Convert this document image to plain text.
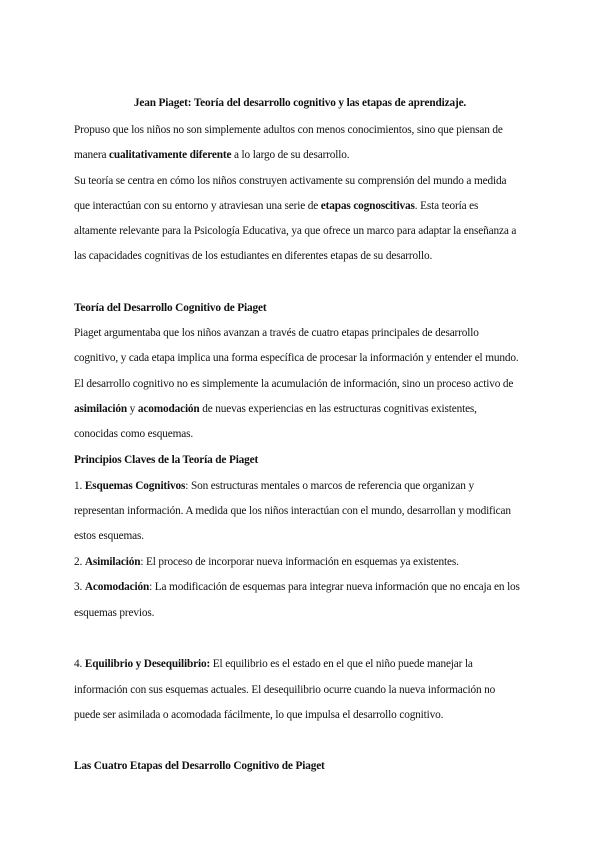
Jean Piaget: Teoría del desarrollo cognitivo y las etapas de aprendizaje.
Propuso que los niños no son simplemente adultos con menos conocimientos, sino que piensan de
manera cualitativamente diferente a lo largo de su desarrollo.
Su teoría se centra en cómo los niños construyen activamente su comprensión del mundo a medida
que interactúan con su entorno y atraviesan una serie de etapas cognoscitivas. Esta teoría es
altamente relevante para la Psicología Educativa, ya que ofrece un marco para adaptar la enseñanza a
las capacidades cognitivas de los estudiantes en diferentes etapas de su desarrollo.
Teoría del Desarrollo Cognitivo de Piaget
Piaget argumentaba que los niños avanzan a través de cuatro etapas principales de desarrollo
cognitivo, y cada etapa implica una forma específica de procesar la información y entender el mundo.
El desarrollo cognitivo no es simplemente la acumulación de información, sino un proceso activo de
asimilación y acomodación de nuevas experiencias en las estructuras cognitivas existentes,
conocidas como esquemas.
Principios Claves de la Teoría de Piaget
1. Esquemas Cognitivos: Son estructuras mentales o marcos de referencia que organizan y
representan información. A medida que los niños interactúan con el mundo, desarrollan y modifican
estos esquemas.
2. Asimilación: El proceso de incorporar nueva información en esquemas ya existentes.
3. Acomodación: La modificación de esquemas para integrar nueva información que no encaja en los
esquemas previos.
4. Equilibrio y Desequilibrio: El equilibrio es el estado en el que el niño puede manejar la
información con sus esquemas actuales. El desequilibrio ocurre cuando la nueva información no
puede ser asimilada o acomodada fácilmente, lo que impulsa el desarrollo cognitivo.
Las Cuatro Etapas del Desarrollo Cognitivo de Piaget
